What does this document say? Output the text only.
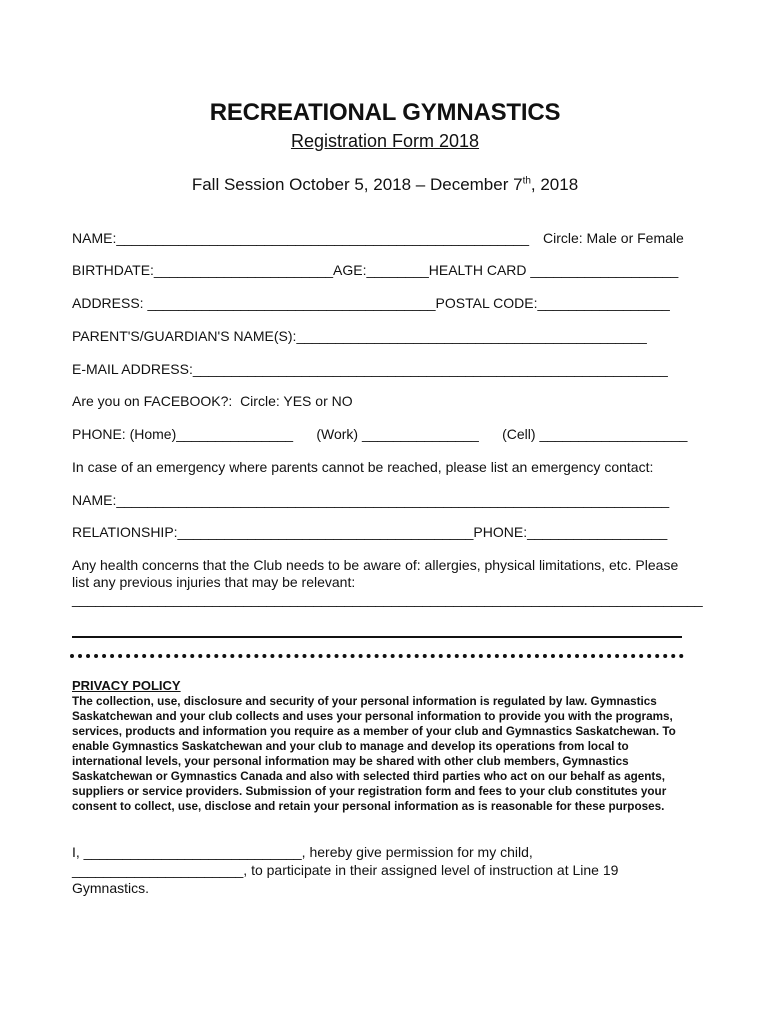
RECREATIONAL GYMNASTICS
Registration Form 2018
Fall Session October 5, 2018 – December 7th, 2018
NAME:_____________________________________________________ Circle: Male or Female
BIRTHDATE:_______________________AGE:________HEALTH CARD ___________________
ADDRESS: _____________________________________POSTAL CODE:_________________
PARENT'S/GUARDIAN'S NAME(S):_____________________________________________
E-MAIL ADDRESS:_____________________________________________________________
Are you on FACEBOOK?:  Circle: YES or NO
PHONE: (Home)_______________      (Work) _______________      (Cell) ___________________
In case of an emergency where parents cannot be reached, please list an emergency contact:
NAME:_______________________________________________________________________
RELATIONSHIP:______________________________________PHONE:__________________
Any health concerns that the Club needs to be aware of: allergies, physical limitations, etc. Please list any previous injuries that may be relevant:
_________________________________________________________________________________
PRIVACY POLICY
The collection, use, disclosure and security of your personal information is regulated by law. Gymnastics Saskatchewan and your club collects and uses your personal information to provide you with the programs, services, products and information you require as a member of your club and Gymnastics Saskatchewan. To enable Gymnastics Saskatchewan and your club to manage and develop its operations from local to international levels, your personal information may be shared with other club members, Gymnastics Saskatchewan or Gymnastics Canada and also with selected third parties who act on our behalf as agents, suppliers or service providers. Submission of your registration form and fees to your club constitutes your consent to collect, use, disclose and retain your personal information as is reasonable for these purposes.
I, ____________________________, hereby give permission for my child,
______________________, to participate in their assigned level of instruction at Line 19
Gymnastics.
